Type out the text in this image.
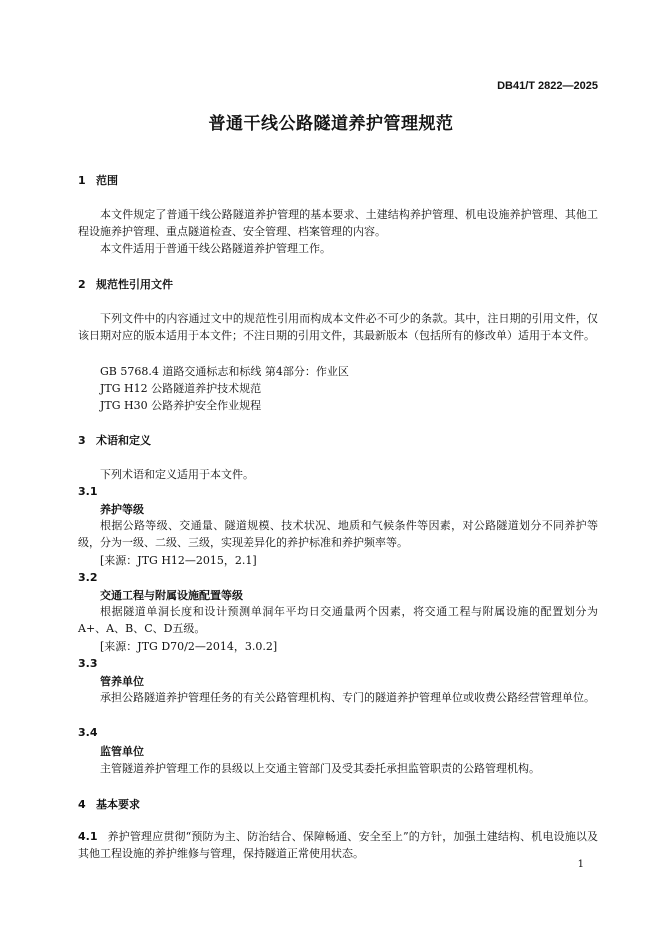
DB41/T 2822—2025
普通干线公路隧道养护管理规范
1 范围
本文件规定了普通干线公路隧道养护管理的基本要求、土建结构养护管理、机电设施养护管理、其他工程设施养护管理、重点隧道检查、安全管理、档案管理的内容。
本文件适用于普通干线公路隧道养护管理工作。
2 规范性引用文件
下列文件中的内容通过文中的规范性引用而构成本文件必不可少的条款。其中，注日期的引用文件，仅该日期对应的版本适用于本文件；不注日期的引用文件，其最新版本（包括所有的修改单）适用于本文件。
GB 5768.4 道路交通标志和标线 第4部分：作业区
JTG H12 公路隧道养护技术规范
JTG H30 公路养护安全作业规程
3 术语和定义
下列术语和定义适用于本文件。
3.1
养护等级
根据公路等级、交通量、隧道规模、技术状况、地质和气候条件等因素，对公路隧道划分不同养护等级，分为一级、二级、三级，实现差异化的养护标准和养护频率等。
[来源：JTG H12—2015，2.1]
3.2
交通工程与附属设施配置等级
根据隧道单洞长度和设计预测单洞年平均日交通量两个因素，将交通工程与附属设施的配置划分为A+、A、B、C、D五级。
[来源：JTG D70/2—2014，3.0.2]
3.3
管养单位
承担公路隧道养护管理任务的有关公路管理机构、专门的隧道养护管理单位或收费公路经营管理单位。
3.4
监管单位
主管隧道养护管理工作的县级以上交通主管部门及受其委托承担监管职责的公路管理机构。
4 基本要求
4.1 养护管理应贯彻“预防为主、防治结合、保障畅通、安全至上”的方针，加强土建结构、机电设施以及其他工程设施的养护维修与管理，保持隧道正常使用状态。
1
